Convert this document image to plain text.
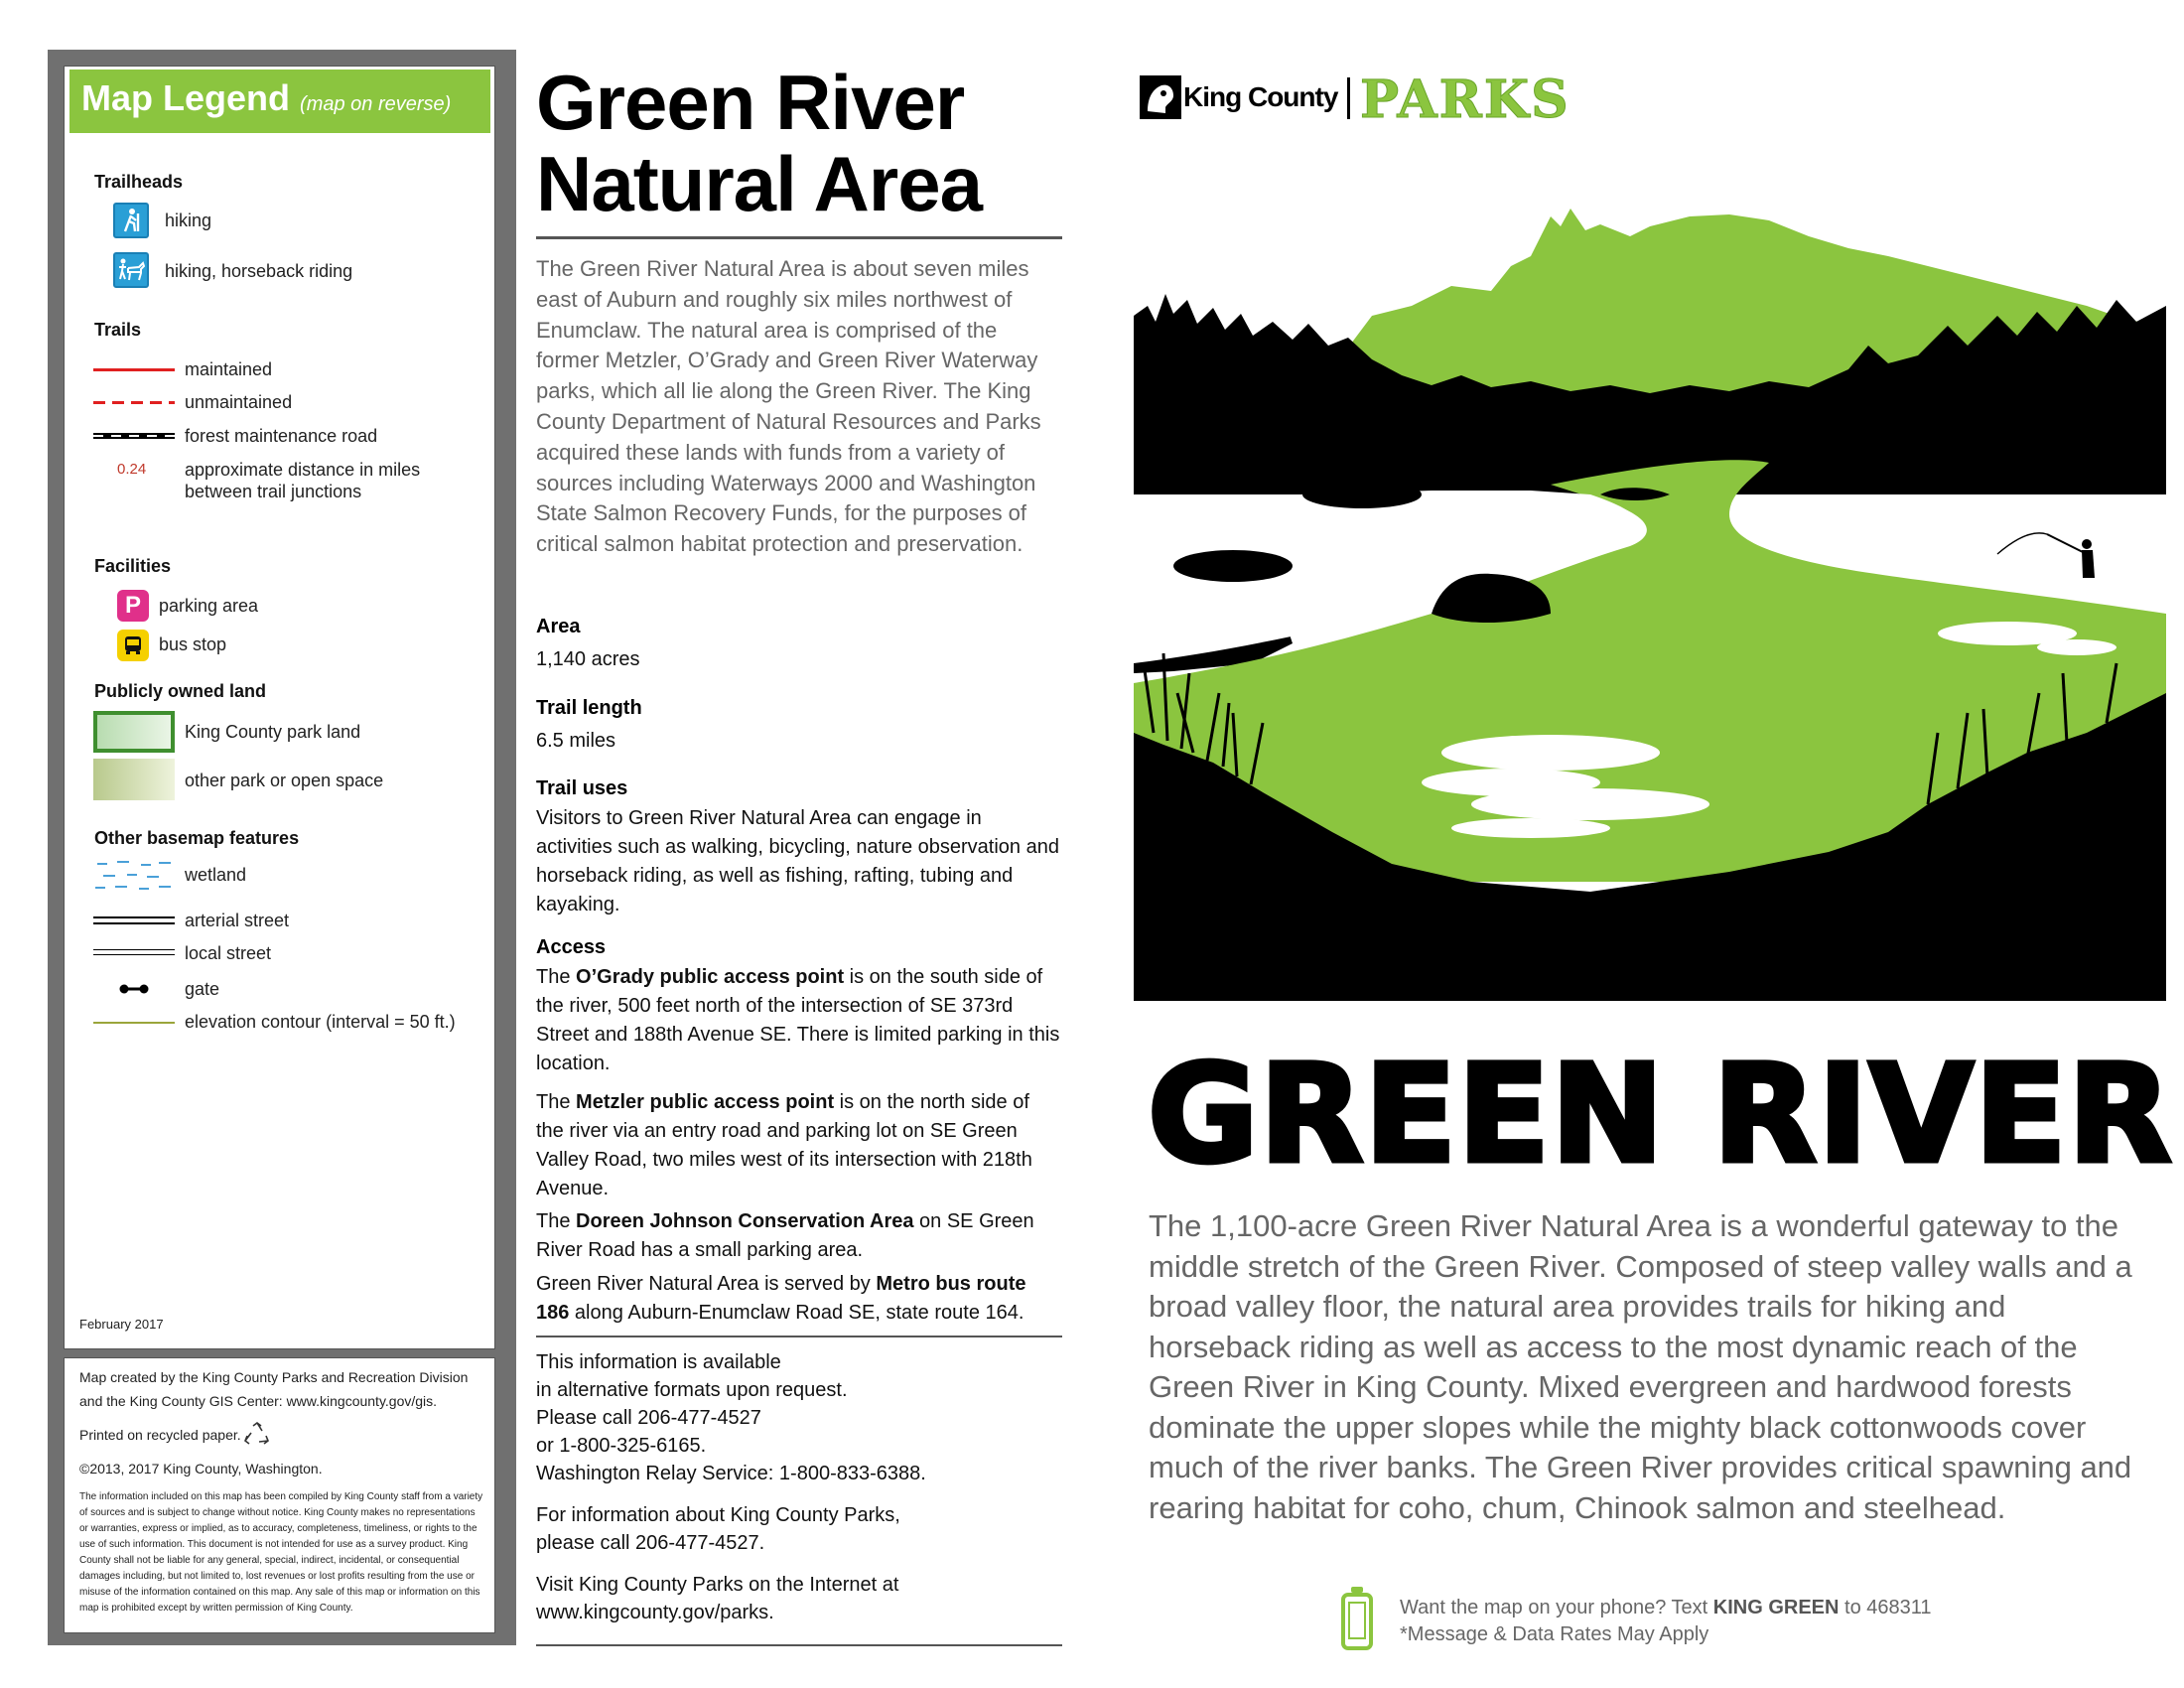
Map Legend (map on reverse)
Trailheads
hiking
hiking, horseback riding
Trails
maintained
unmaintained
forest maintenance road
0.24 approximate distance in miles
between trail junctions
Facilities
P	parking area
bus stop
Publicly owned land
King County park land
other park or open space
Other basemap features
wetland
arterial street
local street
gate
elevation contour (interval = 50 ft.)
February 2017
Map created by the King County Parks and Recreation Division
and the King County GIS Center: www.kingcounty.gov/gis.
Printed on recycled paper.
©2013, 2017 King County, Washington.
The information included on this map has been compiled by King County staff from a variety of sources and is subject to change without notice. King County makes no representations or warranties, express or implied, as to accuracy, completeness, timeliness, or rights to the use of such information. This document is not intended for use as a survey product. King County shall not be liable for any general, special, indirect, incidental, or consequential damages including, but not limited to, lost revenues or lost profits resulting from the use or misuse of the information contained on this map. Any sale of this map or information on this map is prohibited except by written permission of King County.
Green River
Natural Area
The Green River Natural Area is about seven miles east of Auburn and roughly six miles northwest of Enumclaw. The natural area is comprised of the former Metzler, O’Grady and Green River Waterway parks, which all lie along the Green River. The King County Department of Natural Resources and Parks acquired these lands with funds from a variety of sources including Waterways 2000 and Washington State Salmon Recovery Funds, for the purposes of critical salmon habitat protection and preservation.
Area
1,140 acres
Trail length
6.5 miles
Trail uses
Visitors to Green River Natural Area can engage in activities such as walking, bicycling, nature observation and horseback riding, as well as fishing, rafting, tubing and kayaking.
Access
The O’Grady public access point is on the south side of the river, 500 feet north of the intersection of SE 373rd Street and 188th Avenue SE. There is limited parking in this location.
The Metzler public access point is on the north side of the river via an entry road and parking lot on SE Green Valley Road, two miles west of its intersection with 218th Avenue.
The Doreen Johnson Conservation Area on SE Green River Road has a small parking area.
Green River Natural Area is served by Metro bus route 186 along Auburn-Enumclaw Road SE, state route 164.
This information is available
in alternative formats upon request.
Please call 206-477-4527
or 1-800-325-6165.
Washington Relay Service: 1-800-833-6388.
For information about King County Parks,
please call 206-477-4527.
Visit King County Parks on the Internet at
www.kingcounty.gov/parks.
King County PARKS
GREEN RIVER
The 1,100-acre Green River Natural Area is a wonderful gateway to the middle stretch of the Green River. Composed of steep valley walls and a broad valley floor, the natural area provides trails for hiking and horseback riding as well as access to the most dynamic reach of the Green River in King County. Mixed evergreen and hardwood forests dominate the upper slopes while the mighty black cottonwoods cover much of the river banks. The Green River provides critical spawning and rearing habitat for coho, chum, Chinook salmon and steelhead.
Want the map on your phone? Text KING GREEN to 468311
*Message & Data Rates May Apply
